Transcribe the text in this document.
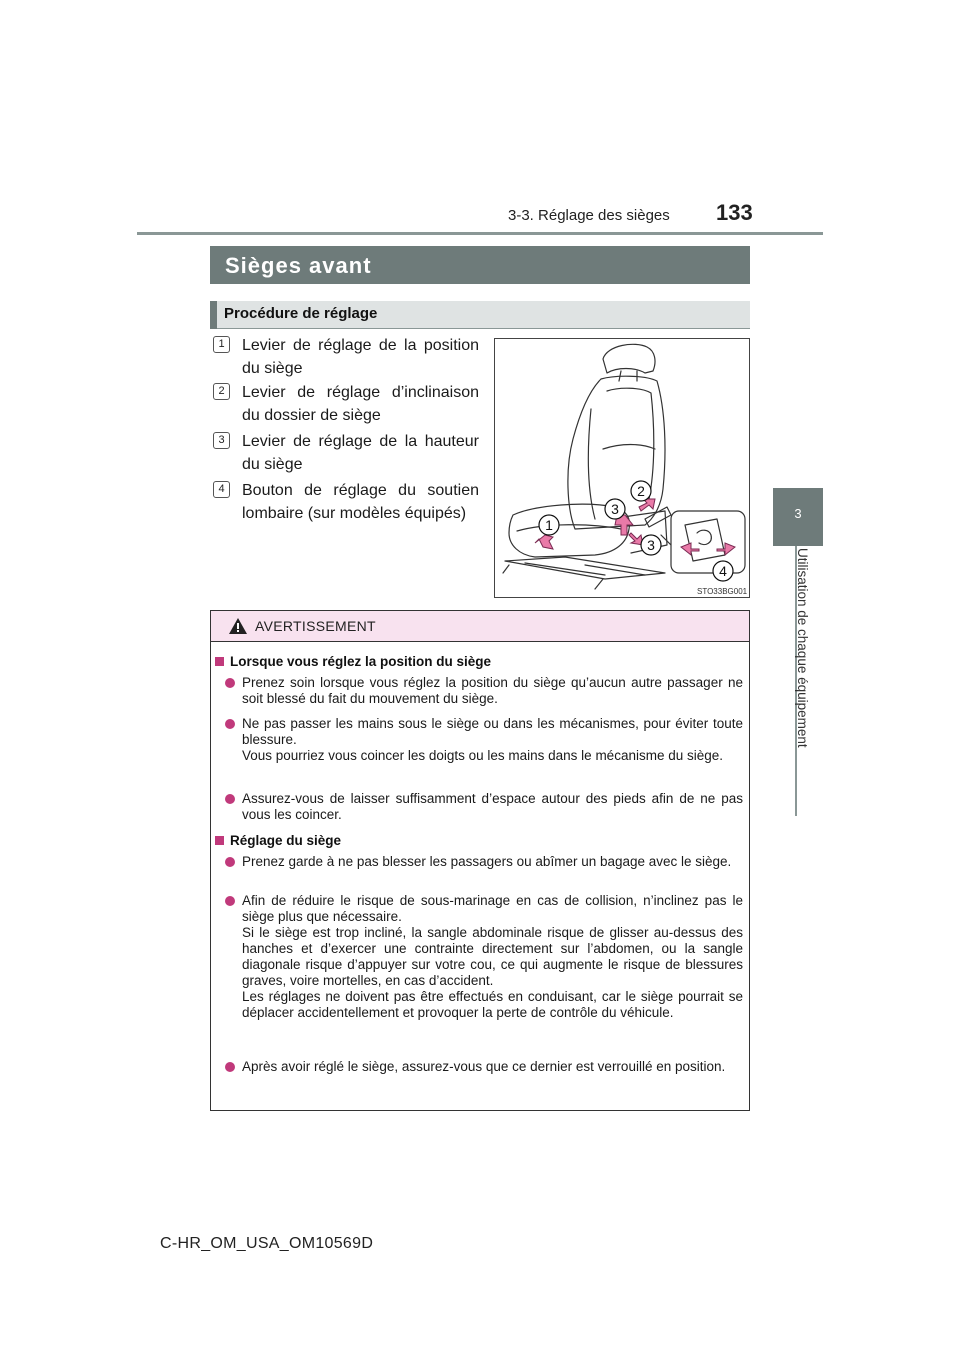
3-3. Réglage des sièges 133
3
Utilisation de chaque équipement
Sièges avant
Procédure de réglage
1	Levier de réglage de la position du siège
2	Levier de réglage d’inclinaison du dossier de siège
3	Levier de réglage de la hauteur du siège
4	Bouton de réglage du soutien lombaire (sur modèles équipés)
1
2
3
3
4
STO33BG001
AVERTISSEMENT
Lorsque vous réglez la position du siège
Prenez soin lorsque vous réglez la position du siège qu’aucun autre passager ne soit blessé du fait du mouvement du siège.
Ne pas passer les mains sous le siège ou dans les mécanismes, pour éviter toute blessure.
Vous pourriez vous coincer les doigts ou les mains dans le mécanisme du siège.
Assurez-vous de laisser suffisamment d’espace autour des pieds afin de ne pas vous les coincer.
Réglage du siège
Prenez garde à ne pas blesser les passagers ou abîmer un bagage avec le siège.
Afin de réduire le risque de sous-marinage en cas de collision, n’inclinez pas le siège plus que nécessaire.
Si le siège est trop incliné, la sangle abdominale risque de glisser au-dessus des hanches et d’exercer une contrainte directement sur l’abdomen, ou la sangle diagonale risque d’appuyer sur votre cou, ce qui augmente le risque de blessures graves, voire mortelles, en cas d’accident.
Les réglages ne doivent pas être effectués en conduisant, car le siège pourrait se déplacer accidentellement et provoquer la perte de contrôle du véhicule.
Après avoir réglé le siège, assurez-vous que ce dernier est verrouillé en position.
C-HR_OM_USA_OM10569D
